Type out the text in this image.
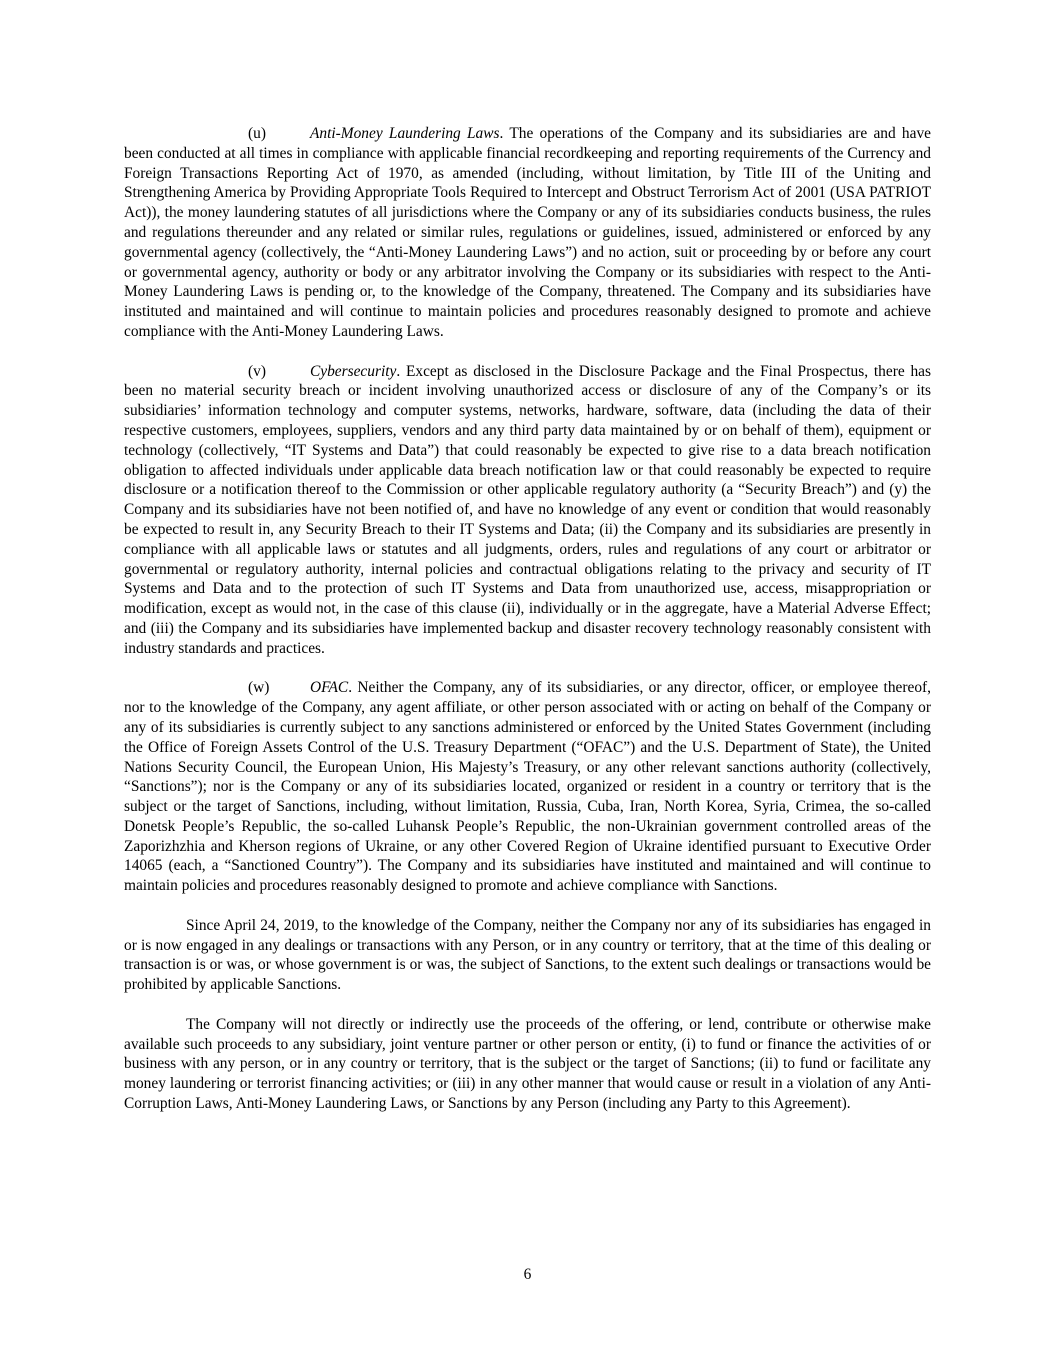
(u)	Anti-Money Laundering Laws. The operations of the Company and its subsidiaries are and have been conducted at all times in compliance with applicable financial recordkeeping and reporting requirements of the Currency and Foreign Transactions Reporting Act of 1970, as amended (including, without limitation, by Title III of the Uniting and Strengthening America by Providing Appropriate Tools Required to Intercept and Obstruct Terrorism Act of 2001 (USA PATRIOT Act)), the money laundering statutes of all jurisdictions where the Company or any of its subsidiaries conducts business, the rules and regulations thereunder and any related or similar rules, regulations or guidelines, issued, administered or enforced by any governmental agency (collectively, the “Anti-Money Laundering Laws”) and no action, suit or proceeding by or before any court or governmental agency, authority or body or any arbitrator involving the Company or its subsidiaries with respect to the Anti-Money Laundering Laws is pending or, to the knowledge of the Company, threatened. The Company and its subsidiaries have instituted and maintained and will continue to maintain policies and procedures reasonably designed to promote and achieve compliance with the Anti-Money Laundering Laws.

(v)	Cybersecurity. Except as disclosed in the Disclosure Package and the Final Prospectus, there has been no material security breach or incident involving unauthorized access or disclosure of any of the Company’s or its subsidiaries’ information technology and computer systems, networks, hardware, software, data (including the data of their respective customers, employees, suppliers, vendors and any third party data maintained by or on behalf of them), equipment or technology (collectively, “IT Systems and Data”) that could reasonably be expected to give rise to a data breach notification obligation to affected individuals under applicable data breach notification law or that could reasonably be expected to require disclosure or a notification thereof to the Commission or other applicable regulatory authority (a “Security Breach”) and (y) the Company and its subsidiaries have not been notified of, and have no knowledge of any event or condition that would reasonably be expected to result in, any Security Breach to their IT Systems and Data; (ii) the Company and its subsidiaries are presently in compliance with all applicable laws or statutes and all judgments, orders, rules and regulations of any court or arbitrator or governmental or regulatory authority, internal policies and contractual obligations relating to the privacy and security of IT Systems and Data and to the protection of such IT Systems and Data from unauthorized use, access, misappropriation or modification, except as would not, in the case of this clause (ii), individually or in the aggregate, have a Material Adverse Effect; and (iii) the Company and its subsidiaries have implemented backup and disaster recovery technology reasonably consistent with industry standards and practices.

(w)	OFAC. Neither the Company, any of its subsidiaries, or any director, officer, or employee thereof, nor to the knowledge of the Company, any agent affiliate, or other person associated with or acting on behalf of the Company or any of its subsidiaries is currently subject to any sanctions administered or enforced by the United States Government (including the Office of Foreign Assets Control of the U.S. Treasury Department (“OFAC”) and the U.S. Department of State), the United Nations Security Council, the European Union, His Majesty’s Treasury, or any other relevant sanctions authority (collectively, “Sanctions”); nor is the Company or any of its subsidiaries located, organized or resident in a country or territory that is the subject or the target of Sanctions, including, without limitation, Russia, Cuba, Iran, North Korea, Syria, Crimea, the so-called Donetsk People’s Republic, the so-called Luhansk People’s Republic, the non-Ukrainian government controlled areas of the Zaporizhzhia and Kherson regions of Ukraine, or any other Covered Region of Ukraine identified pursuant to Executive Order 14065 (each, a “Sanctioned Country”). The Company and its subsidiaries have instituted and maintained and will continue to maintain policies and procedures reasonably designed to promote and achieve compliance with Sanctions.

Since April 24, 2019, to the knowledge of the Company, neither the Company nor any of its subsidiaries has engaged in or is now engaged in any dealings or transactions with any Person, or in any country or territory, that at the time of this dealing or transaction is or was, or whose government is or was, the subject of Sanctions, to the extent such dealings or transactions would be prohibited by applicable Sanctions.

The Company will not directly or indirectly use the proceeds of the offering, or lend, contribute or otherwise make available such proceeds to any subsidiary, joint venture partner or other person or entity, (i) to fund or finance the activities of or business with any person, or in any country or territory, that is the subject or the target of Sanctions; (ii) to fund or facilitate any money laundering or terrorist financing activities; or (iii) in any other manner that would cause or result in a violation of any Anti-Corruption Laws, Anti-Money Laundering Laws, or Sanctions by any Person (including any Party to this Agreement).

6
